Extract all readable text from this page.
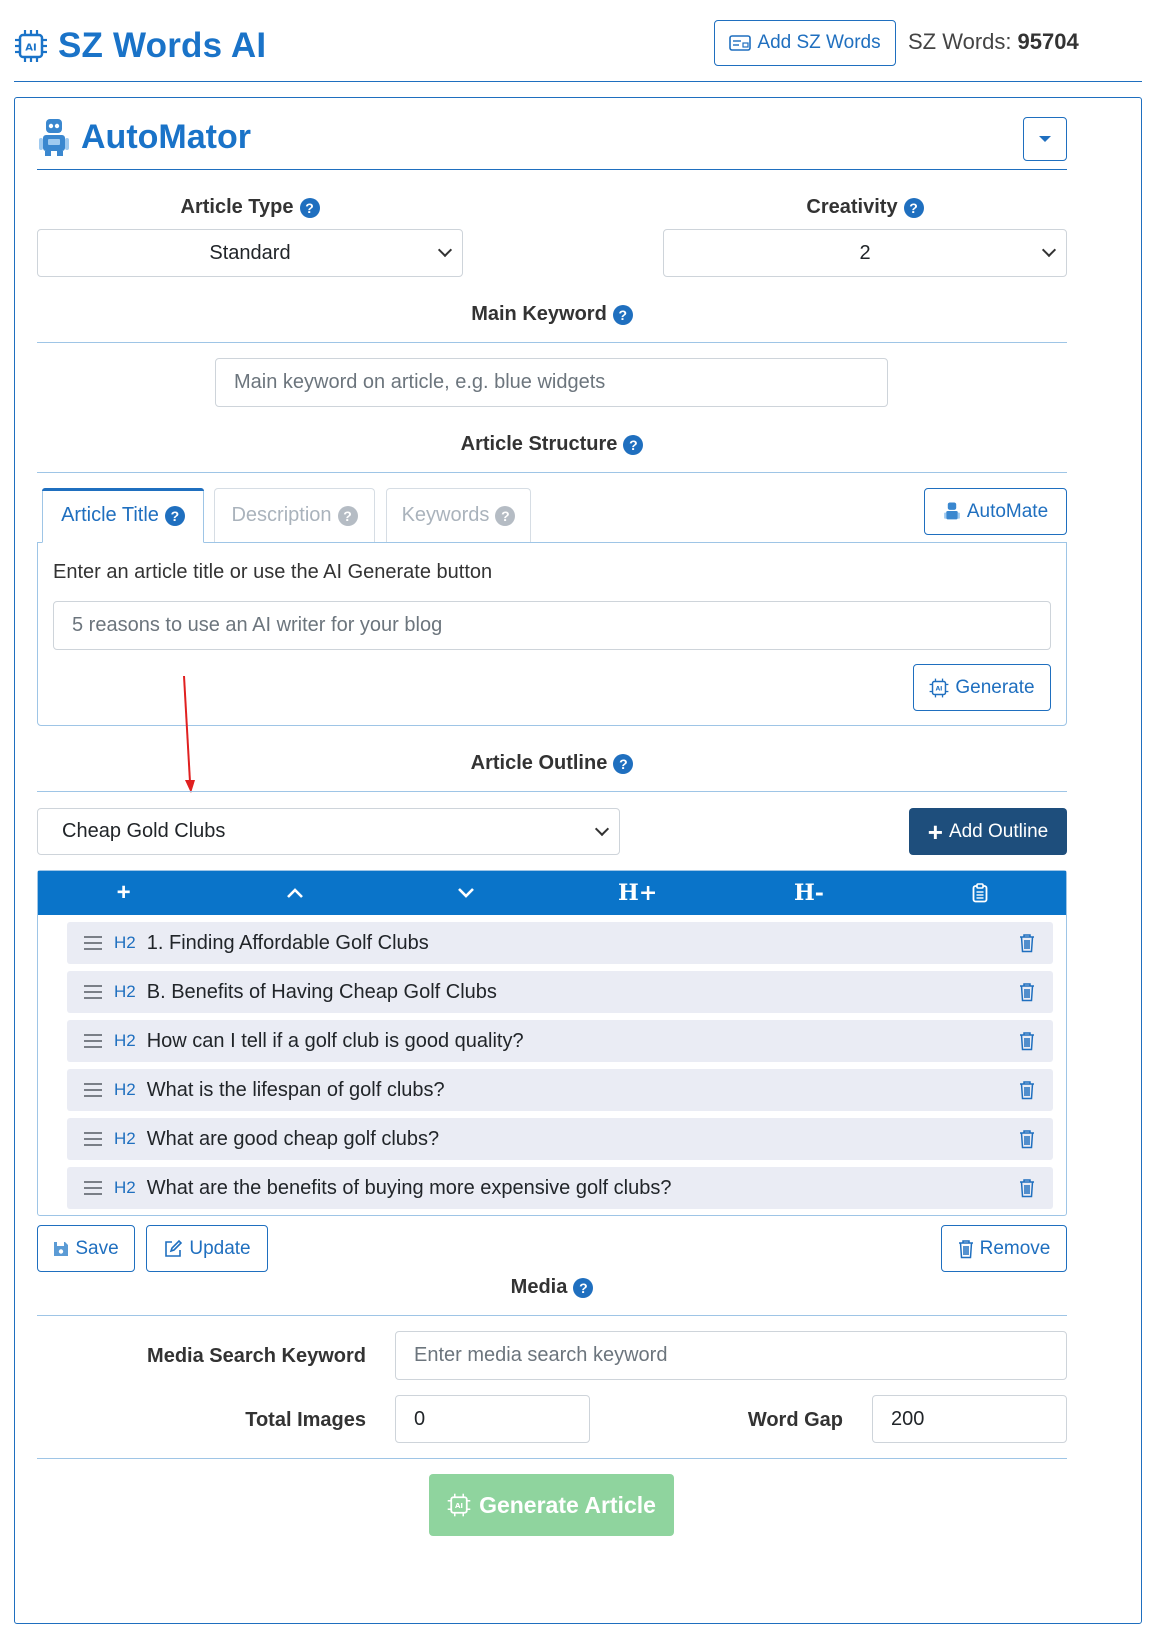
AI SZ Words AI	Add SZ Words SZ Words: 95704
AutoMator
Article Type ?
Standard
Creativity ?
2
Main Keyword ?
Main keyword on article, e.g. blue widgets
Article Structure ?
Article Title ?	Description ? Keywords ?	AutoMate
Enter an article title or use the AI Generate button
5 reasons to use an AI writer for your blog
AI Generate
Article Outline ?
Cheap Gold Clubs	+ Add Outline
+	H+	H-
H2 1. Finding Affordable Golf Clubs
H2 B. Benefits of Having Cheap Golf Clubs
H2 How can I tell if a golf club is good quality?
H2 What is the lifespan of golf clubs?
H2 What are good cheap golf clubs?
H2 What are the benefits of buying more expensive golf clubs?
Save	Update	Remove
Media ?
Media Search Keyword Enter media search keyword
Total Images 0	Word Gap 200
AI Generate Article
